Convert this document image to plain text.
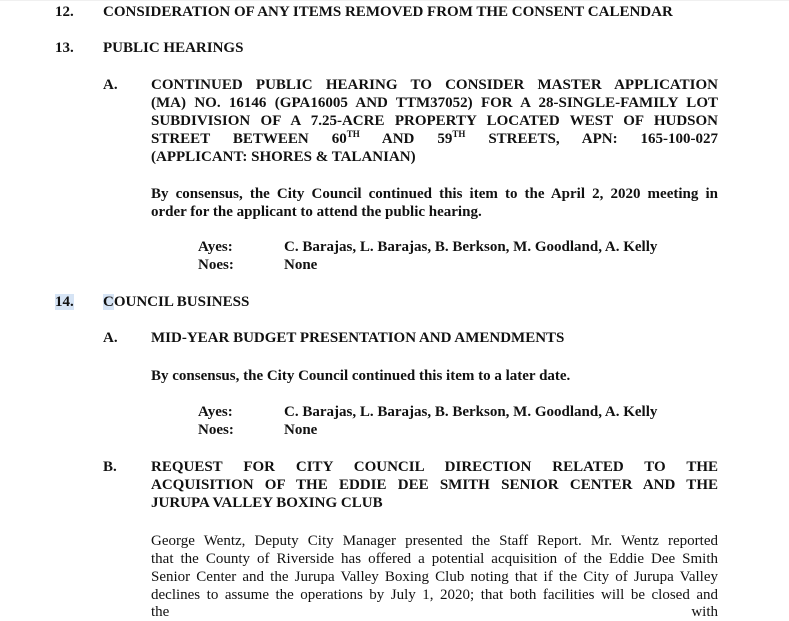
12.	CONSIDERATION OF ANY ITEMS REMOVED FROM THE CONSENT CALENDAR
13.	PUBLIC HEARINGS
A. CONTINUED PUBLIC HEARING TO CONSIDER MASTER APPLICATION
(MA) NO. 16146 (GPA16005 AND TTM37052) FOR A 28-SINGLE-FAMILY LOT
SUBDIVISION OF A 7.25-ACRE PROPERTY LOCATED WEST OF HUDSON
STREET BETWEEN 60TH AND 59TH STREETS, APN: 165-100-027
(APPLICANT: SHORES & TALANIAN)
By consensus, the City Council continued this item to the April 2, 2020 meeting in
order for the applicant to attend the public hearing.
Ayes:	C. Barajas, L. Barajas, B. Berkson, M. Goodland, A. Kelly
Noes:	None
14.	COUNCIL BUSINESS
A. MID-YEAR BUDGET PRESENTATION AND AMENDMENTS
By consensus, the City Council continued this item to a later date.
Ayes:	C. Barajas, L. Barajas, B. Berkson, M. Goodland, A. Kelly
Noes:	None
B. REQUEST FOR CITY COUNCIL DIRECTION RELATED TO THE
ACQUISITION OF THE EDDIE DEE SMITH SENIOR CENTER AND THE
JURUPA VALLEY BOXING CLUB
George Wentz, Deputy City Manager presented the Staff Report. Mr. Wentz reported
that the County of Riverside has offered a potential acquisition of the Eddie Dee Smith
Senior Center and the Jurupa Valley Boxing Club noting that if the City of Jurupa Valley
declines to assume the operations by July 1, 2020; that both facilities will be closed and
the with
